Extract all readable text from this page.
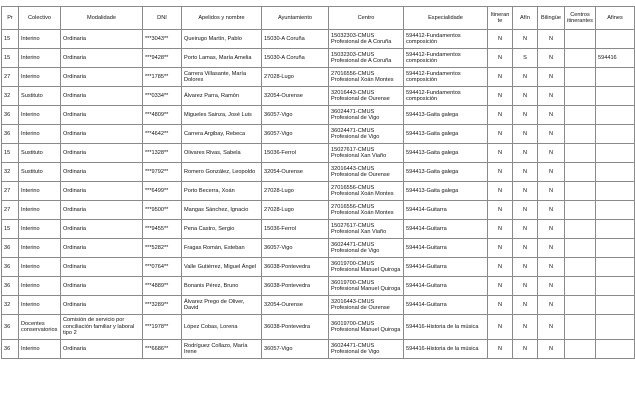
Pr	Colectivo	Modalidade	DNI	Apelidos y nombre	Ayuntamiento	Centro	Especialidade	Itinerante	Afín	Bilingüe	Centros itinerantes	Afines
15	Interino	Ordinaria	***3043**	Queirugo Martín, Pablo	15030-A Coruña	15032303-CMUS Profesional de A Coruña	594412-Fundamentos composición	N	N	N		
15	Interino	Ordinaria	***9428**	Porto Lamas, María Amelia	15030-A Coruña	15032303-CMUS Profesional de A Coruña	594412-Fundamentos composición	N	S	N		594416
27	Interino	Ordinaria	***1785**	Carrera Villasante, María Dolores	27028-Lugo	27016556-CMUS Profesional Xoán Montes	594412-Fundamentos composición	N	N	N		
32	Sustituto	Ordinaria	***0334**	Álvarez Parra, Ramón	32054-Ourense	32016443-CMUS Profesional de Ourense	594412-Fundamentos composición	N	N	N		
36	Interino	Ordinaria	***4809**	Migueles Sainza, José Luis	36057-Vigo	36024471-CMUS Profesional de Vigo	594413-Gaita galega	N	N	N		
36	Interino	Ordinaria	***4642**	Carrera Argibay, Rebeca	36057-Vigo	36024471-CMUS Profesional de Vigo	594413-Gaita galega	N	N	N		
15	Sustituto	Ordinaria	***1328**	Olivares Rivas, Sabela	15036-Ferrol	15027617-CMUS Profesional Xan Viaño	594413-Gaita galega	N	N	N		
32	Sustituto	Ordinaria	***9792**	Romero González, Leopoldo	32054-Ourense	32016443-CMUS Profesional de Ourense	594413-Gaita galega	N	N	N		
27	Interino	Ordinaria	***6499**	Porto Becerra, Xoán	27028-Lugo	27016556-CMUS Profesional Xoán Montes	594413-Gaita galega	N	N	N		
27	Interino	Ordinaria	***9500**	Mangas Sánchez, Ignacio	27028-Lugo	27016556-CMUS Profesional Xoán Montes	594414-Guitarra	N	N	N		
15	Interino	Ordinaria	***9455**	Pena Castro, Sergio	15036-Ferrol	15027617-CMUS Profesional Xan Viaño	594414-Guitarra	N	N	N		
36	Interino	Ordinaria	***5282**	Fragas Román, Esteban	36057-Vigo	36024471-CMUS Profesional de Vigo	594414-Guitarra	N	N	N		
36	Interino	Ordinaria	***0764**	Valle Gutiérrez, Miguel Ángel	36038-Pontevedra	36019700-CMUS Profesional Manuel Quiroga	594414-Guitarra	N	N	N		
36	Interino	Ordinaria	***4889**	Bonanis Pérez, Bruno	36038-Pontevedra	36019700-CMUS Profesional Manuel Quiroga	594414-Guitarra	N	N	N		
32	Interino	Ordinaria	***3289**	Álvarez Prego de Oliver, David	32054-Ourense	32016443-CMUS Profesional de Ourense	594414-Guitarra	N	N	N		
36	Docentes conservatorios	Comisión de servicio por conciliación familiar y laboral tipo 2	***1978**	López Cobas, Lorena	36038-Pontevedra	36019700-CMUS Profesional Manuel Quiroga	594416-Historia de la música	N	N	N		
36	Interino	Ordinaria	***6686**	Rodríguez Collazo, María Irene	36057-Vigo	36024471-CMUS Profesional de Vigo	594416-Historia de la música	N	N	N		
